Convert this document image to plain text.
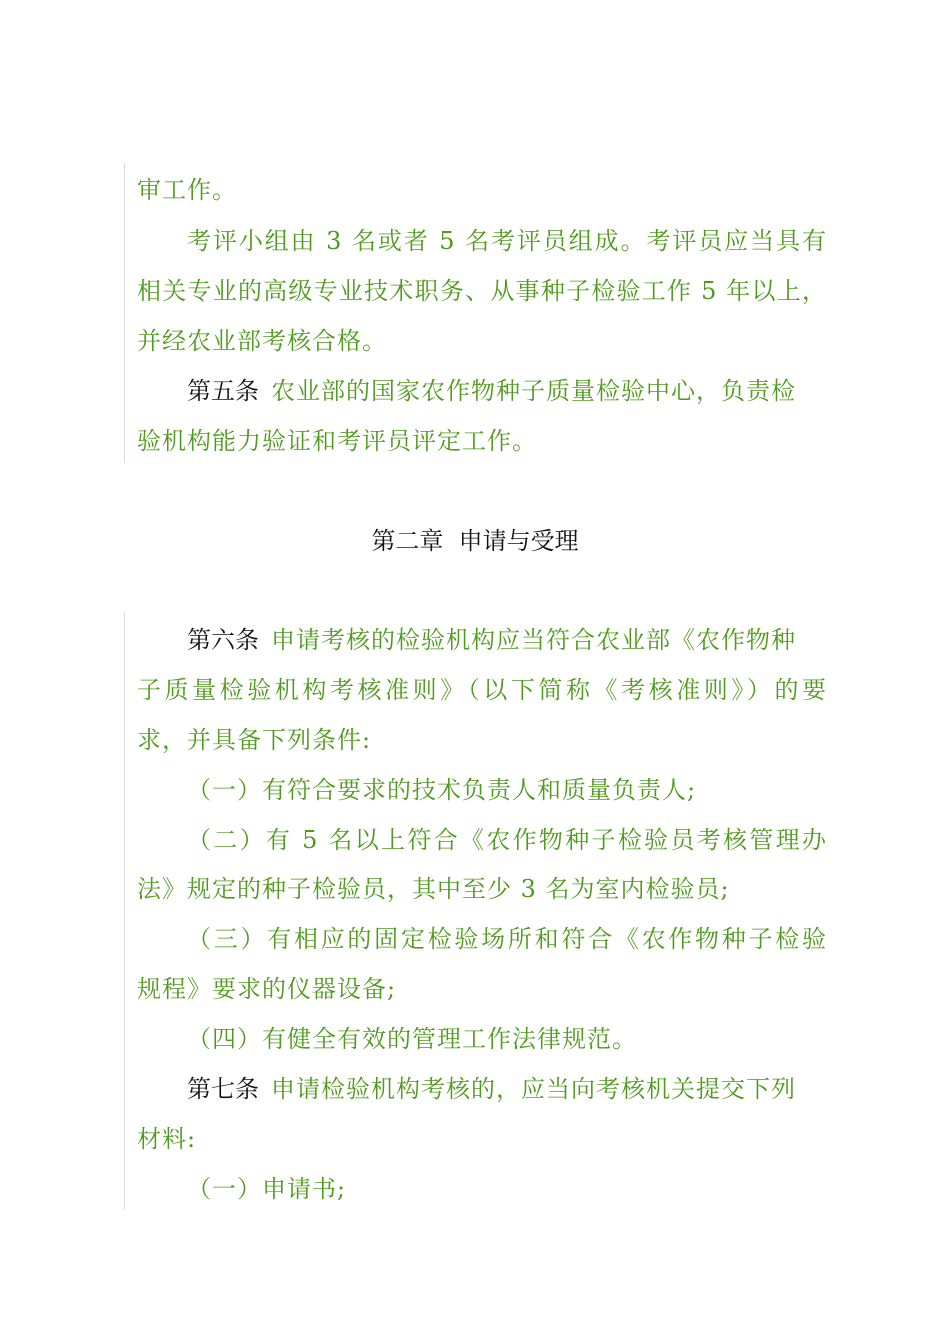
审工作。
考评小组由 3 名或者 5 名考评员组成。考评员应当具有
相关专业的高级专业技术职务、从事种子检验工作 5 年以上，
并经农业部考核合格。
第五条 农业部的国家农作物种子质量检验中心，负责检
验机构能力验证和考评员评定工作。
第二章  申请与受理
第六条 申请考核的检验机构应当符合农业部《农作物种
子质量检验机构考核准则》（以下简称《考核准则》）的要
求，并具备下列条件:
（一）有符合要求的技术负责人和质量负责人;
（二）有 5 名以上符合《农作物种子检验员考核管理办
法》规定的种子检验员，其中至少 3 名为室内检验员;
（三）有相应的固定检验场所和符合《农作物种子检验
规程》要求的仪器设备;
（四）有健全有效的管理工作法律规范。
第七条 申请检验机构考核的，应当向考核机关提交下列
材料:
（一）申请书;
